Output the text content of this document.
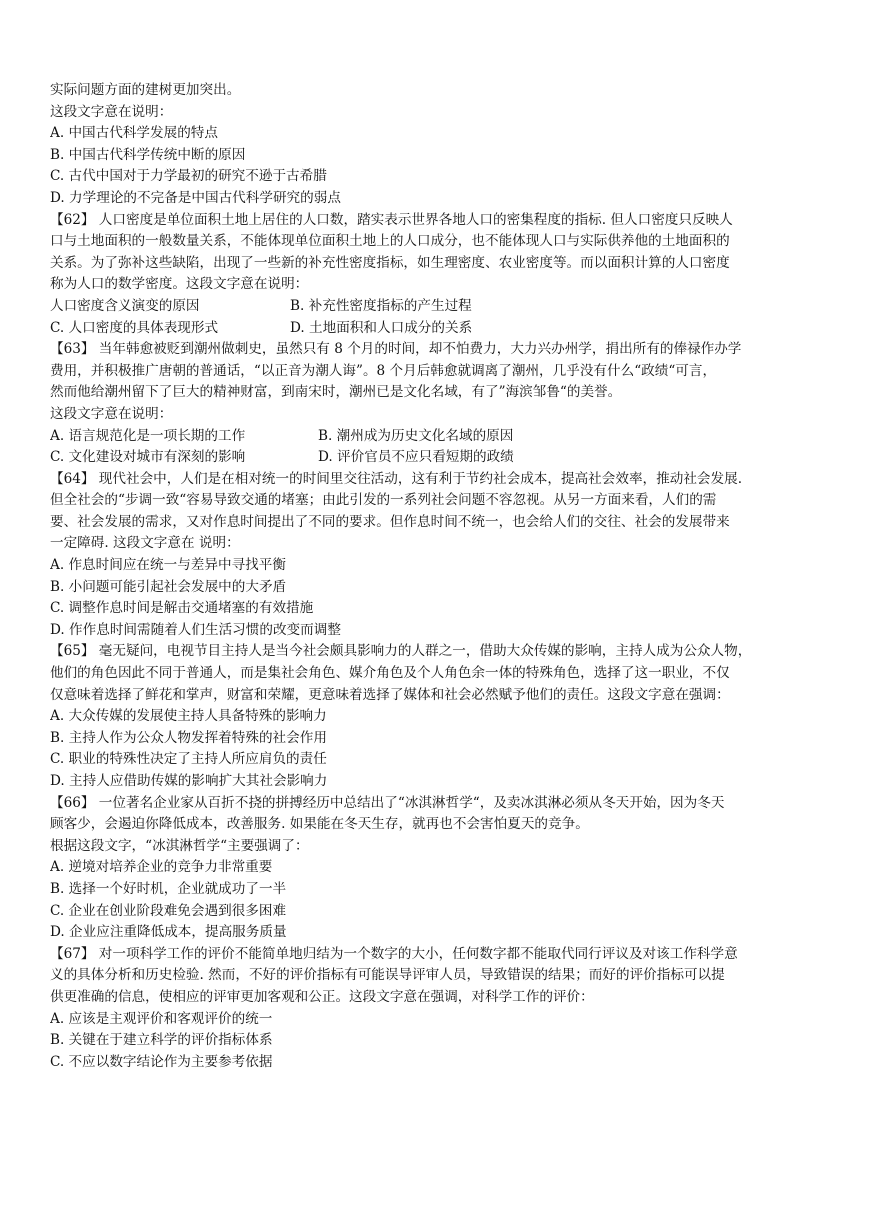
实际问题方面的建树更加突出。
这段文字意在说明：
A. 中国古代科学发展的特点
B. 中国古代科学传统中断的原因
C. 古代中国对于力学最初的研究不逊于古希腊
D. 力学理论的不完备是中国古代科学研究的弱点
【62】 人口密度是单位面积土地上居住的人口数，踏实表示世界各地人口的密集程度的指标. 但人口密度只反映人
口与土地面积的一般数量关系，不能体现单位面积土地上的人口成分，也不能体现人口与实际供养他的土地面积的
关系。为了弥补这些缺陷，出现了一些新的补充性密度指标，如生理密度、农业密度等。而以面积计算的人口密度
称为人口的数学密度。这段文字意在说明：
人口密度含义演变的原因	B. 补充性密度指标的产生过程
C. 人口密度的具体表现形式	D. 土地面积和人口成分的关系
【63】 当年韩愈被贬到潮州做刺史，虽然只有 8 个月的时间，却不怕费力，大力兴办州学，捐出所有的俸禄作办学
费用，并积极推广唐朝的普通话，“以正音为潮人诲”。8 个月后韩愈就调离了潮州，几乎没有什么“政绩“可言，
然而他给潮州留下了巨大的精神财富，到南宋时，潮州已是文化名域，有了”海滨邹鲁“的美誉。
这段文字意在说明：
A. 语言规范化是一项长期的工作	B. 潮州成为历史文化名域的原因
C. 文化建设对城市有深刻的影响	D. 评价官员不应只看短期的政绩
【64】 现代社会中，人们是在相对统一的时间里交往活动，这有利于节约社会成本，提高社会效率，推动社会发展.
但全社会的“步调一致“容易导致交通的堵塞；由此引发的一系列社会问题不容忽视。从另一方面来看，人们的需
要、社会发展的需求，又对作息时间提出了不同的要求。但作息时间不统一，也会给人们的交往、社会的发展带来
一定障碍. 这段文字意在 说明：
A. 作息时间应在统一与差异中寻找平衡
B. 小问题可能引起社会发展中的大矛盾
C. 调整作息时间是解击交通堵塞的有效措施
D. 作作息时间需随着人们生活习惯的改变而调整
【65】 毫无疑问，电视节目主持人是当今社会颇具影响力的人群之一，借助大众传媒的影响，主持人成为公众人物，
他们的角色因此不同于普通人，而是集社会角色、媒介角色及个人角色余一体的特殊角色，选择了这一职业，不仅
仅意味着选择了鲜花和掌声，财富和荣耀，更意味着选择了媒体和社会必然赋予他们的责任。这段文字意在强调：
A. 大众传媒的发展使主持人具备特殊的影响力
B. 主持人作为公众人物发挥着特殊的社会作用
C. 职业的特殊性决定了主持人所应肩负的责任
D. 主持人应借助传媒的影响扩大其社会影响力
【66】 一位著名企业家从百折不挠的拼搏经历中总结出了“冰淇淋哲学“，及卖冰淇淋必须从冬天开始，因为冬天
顾客少，会遏迫你降低成本，改善服务. 如果能在冬天生存，就再也不会害怕夏天的竞争。
根据这段文字，“冰淇淋哲学“主要强调了：
A. 逆境对培养企业的竞争力非常重要
B. 选择一个好时机，企业就成功了一半
C. 企业在创业阶段难免会遇到很多困难
D. 企业应注重降低成本，提高服务质量
【67】 对一项科学工作的评价不能简单地归结为一个数字的大小，任何数字都不能取代同行评议及对该工作科学意
义的具体分析和历史检验. 然而，不好的评价指标有可能误导评审人员，导致错误的结果；而好的评价指标可以提
供更准确的信息，使相应的评审更加客观和公正。这段文字意在强调，对科学工作的评价：
A. 应该是主观评价和客观评价的统一
B. 关键在于建立科学的评价指标体系
C. 不应以数字结论作为主要参考依据
